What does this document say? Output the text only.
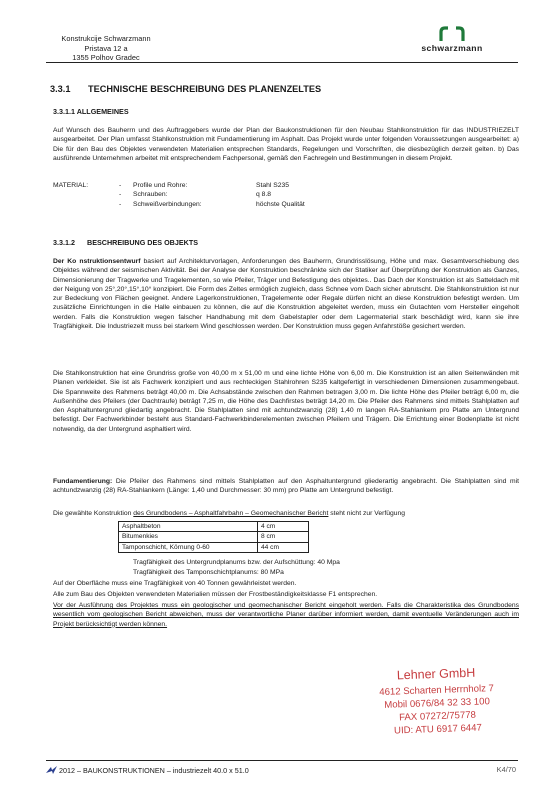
Konstrukcije Schwarzmann
Pristava 12 a
1355 Polhov Gradec
schwarzmann
3.3.1 TECHNISCHE BESCHREIBUNG DES PLANENZELTES
3.3.1.1 ALLGEMEINES
Auf Wunsch des Bauherrn und des Auftraggebers wurde der Plan der Baukonstruktionen für den Neubau Stahlkonstruktion für das INDUSTRIEZELT ausgearbeitet. Der Plan umfasst Stahlkonstruktion mit Fundamentierung im Asphalt. Das Projekt wurde unter folgenden Voraussetzungen ausgearbeitet: a) Die für den Bau des Objektes verwendeten Materialien entsprechen Standards, Regelungen und Vorschriften, die diesbezüglich derzeit gelten. b) Das ausführende Unternehmen arbeitet mit entsprechendem Fachpersonal, gemäß den Fachregeln und Bestimmungen in diesem Projekt.
MATERIAL:	- Profile und Rohre:	Stahl S235
- Schrauben:	q 8.8
- Schweißverbindungen:	höchste Qualität
3.3.1.2 BESCHREIBUNG DES OBJEKTS
Der Ko nstruktionsentwurf basiert auf Architekturvorlagen, Anforderungen des Bauherrn, Grundrisslösung, Höhe und max. Gesamtverschiebung des Objektes während der seismischen Aktivität. Bei der Analyse der Konstruktion beschränkte sich der Statiker auf Überprüfung der Konstruktion als Ganzes, Dimensionierung der Tragwerke und Tragelementen, so wie Pfeiler, Träger und Befestigung des objektes.. Das Dach der Konstruktion ist als Satteldach mit der Neigung von 25°,20°,15°,10° konzipiert. Die Form des Zeltes ermöglich zugleich, dass Schnee vom Dach sicher abrutscht. Die Stahlkonstruktion ist nur zur Bedeckung von Flächen geeignet. Andere Lagerkonstruktionen, Tragelemente oder Regale dürfen nicht an diese Konstruktion befestigt werden. Um zusätzliche Einrichtungen in die Halle einbauen zu können, die auf die Konstruktion abgeleitet werden, muss ein Gutachten vom Hersteller eingeholt werden. Falls die Konstruktion wegen falscher Handhabung mit dem Gabelstapler oder dem Lagermaterial stark beschädigt wird, kann sie ihre Tragfähigkeit. Die Industriezelt muss bei starkem Wind geschlossen werden. Der Konstruktion muss gegen Anfahrstöße gesichert werden.
Die Stahlkonstruktion hat eine Grundriss große von 40,00 m x 51,00 m und eine lichte Höhe von 6,00 m. Die Konstruktion ist an allen Seitenwänden mit Planen verkleidet. Sie ist als Fachwerk konzipiert und aus rechteckigen Stahlrohren S235 kaltgefertigt in verschiedenen Dimensionen zusammengebaut. Die Spannweite des Rahmens beträgt 40,00 m. Die Achsabstände zwischen den Rahmen betragen 3,00 m. Die lichte Höhe des Pfeiler beträgt 6,00 m, die Außenhöhe des Pfeilers (der Dachtraufe) beträgt 7,25 m, die Höhe des Dachfirstes beträgt 14,20 m. Die Pfeiler des Rahmens sind mittels Stahlplatten auf den Asphaltuntergrund gliedartig angebracht. Die Stahlplatten sind mit achtundzwanzig (28) 1,40 m langen RA-Stahlankern pro Platte am Untergrund befestigt. Der Fachwerkbinder besteht aus Standard-Fachwerkbinderelementen zwischen Pfeilern und Trägern. Die Errichtung einer Bodenplatte ist nicht notwendig, da der Untergrund asphaltiert wird.
Fundamentierung: Die Pfeiler des Rahmens sind mittels Stahlplatten auf den Asphaltuntergrund gliederartig angebracht. Die Stahlplatten sind mit achtundzwanzig (28) RA-Stahlankern (Länge: 1,40 und Durchmesser: 30 mm) pro Platte am Untergrund befestigt.
Die gewählte Konstruktion des Grundbodens – Asphaltfahrbahn – Geomechanischer Bericht steht nicht zur Verfügung
Asphaltbeton	4 cm
Bitumenkies	8 cm
Tamponschicht, Körnung 0-60	44 cm
Tragfähigkeit des Untergrundplanums bzw. der Aufschüttung: 40 Mpa
Tragfähigkeit des Tamponschichtplanums: 80 MPa
Auf der Oberfläche muss eine Tragfähigkeit von 40 Tonnen gewährleistet werden.
Alle zum Bau des Objekten verwendeten Materialien müssen der Frostbeständigkeitsklasse F1 entsprechen.
Vor der Ausführung des Projektes muss ein geologischer und geomechanischer Bericht eingeholt werden. Falls die Charakteristika des Grundbodens wesentlich vom geologischen Bericht abweichen, muss der verantwortliche Planer darüber informiert werden, damit eventuelle Veränderungen auch im Projekt berücksichtigt werden können.
Lehner GmbH
4612 Scharten Herrnholz 7
Mobil 0676/84 32 33 100
FAX 07272/75778
UID: ATU 6917 6447
2012 – BAUKONSTRUKTIONEN – industriezelt 40.0 x 51.0	K4/70
